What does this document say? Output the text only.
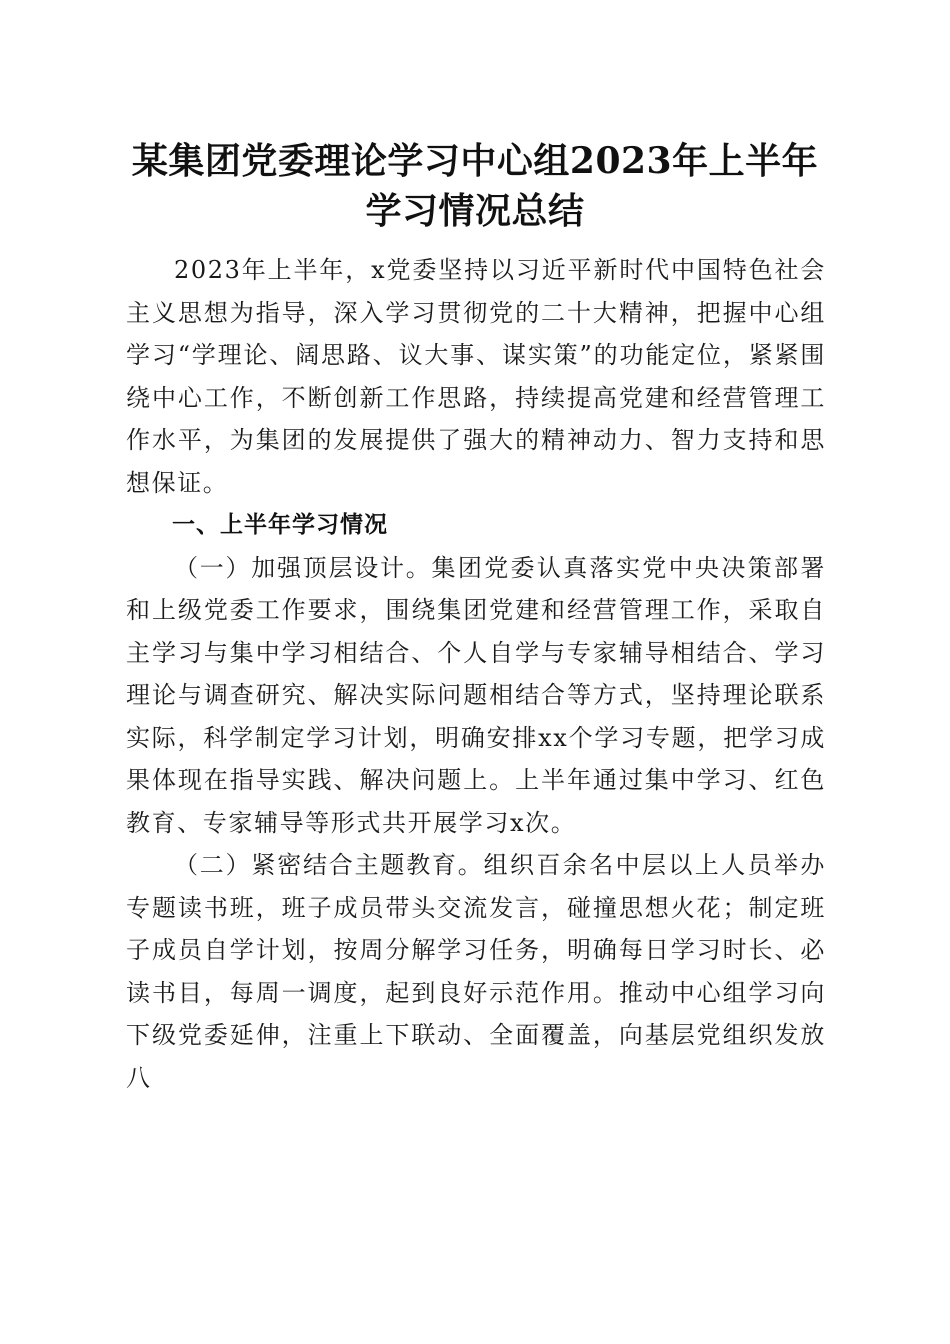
某集团党委理论学习中心组2023年上半年学习情况总结

2023年上半年，x党委坚持以习近平新时代中国特色社会主义思想为指导，深入学习贯彻党的二十大精神，把握中心组学习“学理论、阔思路、议大事、谋实策”的功能定位，紧紧围绕中心工作，不断创新工作思路，持续提高党建和经营管理工作水平，为集团的发展提供了强大的精神动力、智力支持和思想保证。

一、上半年学习情况

（一）加强顶层设计。集团党委认真落实党中央决策部署和上级党委工作要求，围绕集团党建和经营管理工作，采取自主学习与集中学习相结合、个人自学与专家辅导相结合、学习理论与调查研究、解决实际问题相结合等方式，坚持理论联系实际，科学制定学习计划，明确安排xx个学习专题，把学习成果体现在指导实践、解决问题上。上半年通过集中学习、红色教育、专家辅导等形式共开展学习x次。

（二）紧密结合主题教育。组织百余名中层以上人员举办专题读书班，班子成员带头交流发言，碰撞思想火花；制定班子成员自学计划，按周分解学习任务，明确每日学习时长、必读书目，每周一调度，起到良好示范作用。推动中心组学习向下级党委延伸，注重上下联动、全面覆盖，向基层党组织发放八
